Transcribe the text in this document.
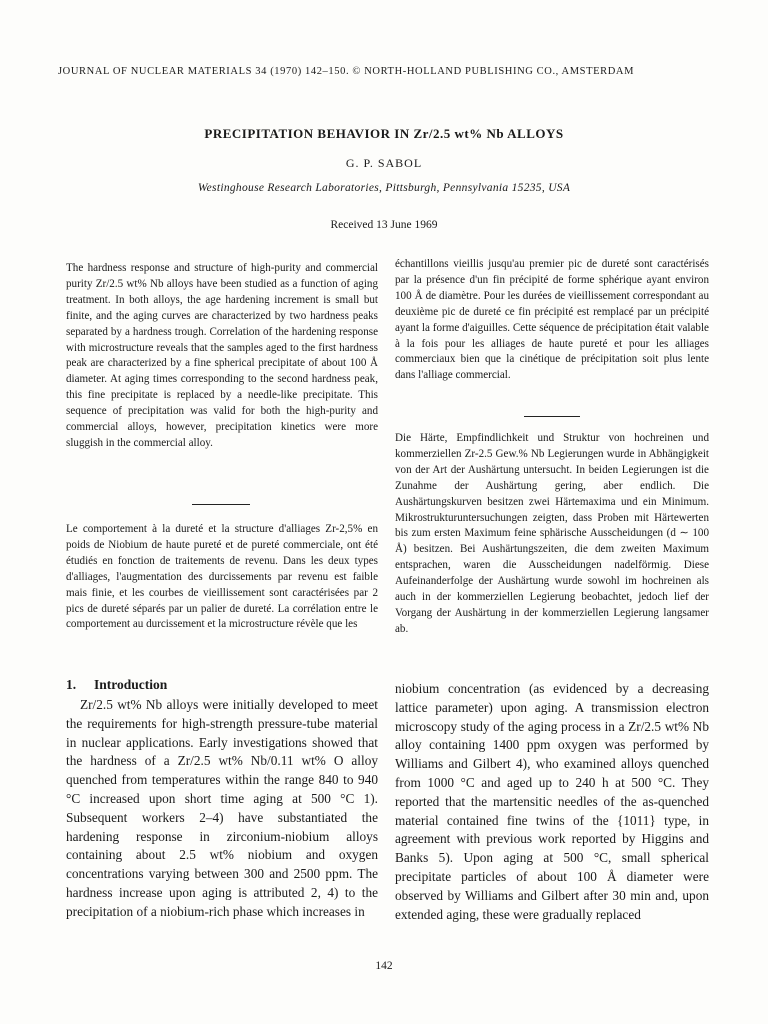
JOURNAL OF NUCLEAR MATERIALS 34 (1970) 142–150. © NORTH-HOLLAND PUBLISHING CO., AMSTERDAM
PRECIPITATION BEHAVIOR IN Zr/2.5 wt% Nb ALLOYS
G. P. SABOL
Westinghouse Research Laboratories, Pittsburgh, Pennsylvania 15235, USA
Received 13 June 1969

The hardness response and structure of high-purity and commercial purity Zr/2.5 wt% Nb alloys have been studied as a function of aging treatment. In both alloys, the age hardening increment is small but finite, and the aging curves are characterized by two hardness peaks separated by a hardness trough. Correlation of the hardening response with microstructure reveals that the samples aged to the first hardness peak are characterized by a fine spherical precipitate of about 100 Å diameter. At aging times corresponding to the second hardness peak, this fine precipitate is replaced by a needle-like precipitate. This sequence of precipitation was valid for both the high-purity and commercial alloys, however, precipitation kinetics were more sluggish in the commercial alloy.

Le comportement à la dureté et la structure d'alliages Zr-2,5% en poids de Niobium de haute pureté et de pureté commerciale, ont été étudiés en fonction de traitements de revenu. Dans les deux types d'alliages, l'augmentation des durcissements par revenu est faible mais finie, et les courbes de vieillissement sont caractérisées par 2 pics de dureté séparés par un palier de dureté. La corrélation entre le comportement au durcissement et la microstructure révèle que les

échantillons vieillis jusqu'au premier pic de dureté sont caractérisés par la présence d'un fin précipité de forme sphérique ayant environ 100 Å de diamètre. Pour les durées de vieillissement correspondant au deuxième pic de dureté ce fin précipité est remplacé par un précipité ayant la forme d'aiguilles. Cette séquence de précipitation était valable à la fois pour les alliages de haute pureté et pour les alliages commerciaux bien que la cinétique de précipitation soit plus lente dans l'alliage commercial.

Die Härte, Empfindlichkeit und Struktur von hochreinen und kommerziellen Zr-2.5 Gew.% Nb Legierungen wurde in Abhängigkeit von der Art der Aushärtung untersucht. In beiden Legierungen ist die Zunahme der Aushärtung gering, aber endlich. Die Aushärtungskurven besitzen zwei Härtemaxima und ein Minimum. Mikrostrukturuntersuchungen zeigten, dass Proben mit Härtewerten bis zum ersten Maximum feine sphärische Ausscheidungen (d ∼ 100 Å) besitzen. Bei Aushärtungszeiten, die dem zweiten Maximum entsprachen, waren die Ausscheidungen nadelförmig. Diese Aufeinanderfolge der Aushärtung wurde sowohl im hochreinen als auch in der kommerziellen Legierung beobachtet, jedoch lief der Vorgang der Aushärtung in der kommerziellen Legierung langsamer ab.

1. Introduction

Zr/2.5 wt% Nb alloys were initially developed to meet the requirements for high-strength pressure-tube material in nuclear applications. Early investigations showed that the hardness of a Zr/2.5 wt% Nb/0.11 wt% O alloy quenched from temperatures within the range 840 to 940 °C increased upon short time aging at 500 °C 1). Subsequent workers 2–4) have substantiated the hardening response in zirconium-niobium alloys containing about 2.5 wt% niobium and oxygen concentrations varying between 300 and 2500 ppm. The hardness increase upon aging is attributed 2, 4) to the precipitation of a niobium-rich phase which increases in

niobium concentration (as evidenced by a decreasing lattice parameter) upon aging. A transmission electron microscopy study of the aging process in a Zr/2.5 wt% Nb alloy containing 1400 ppm oxygen was performed by Williams and Gilbert 4), who examined alloys quenched from 1000 °C and aged up to 240 h at 500 °C. They reported that the martensitic needles of the as-quenched material contained fine twins of the {1011} type, in agreement with previous work reported by Higgins and Banks 5). Upon aging at 500 °C, small spherical precipitate particles of about 100 Å diameter were observed by Williams and Gilbert after 30 min and, upon extended aging, these were gradually replaced

142
